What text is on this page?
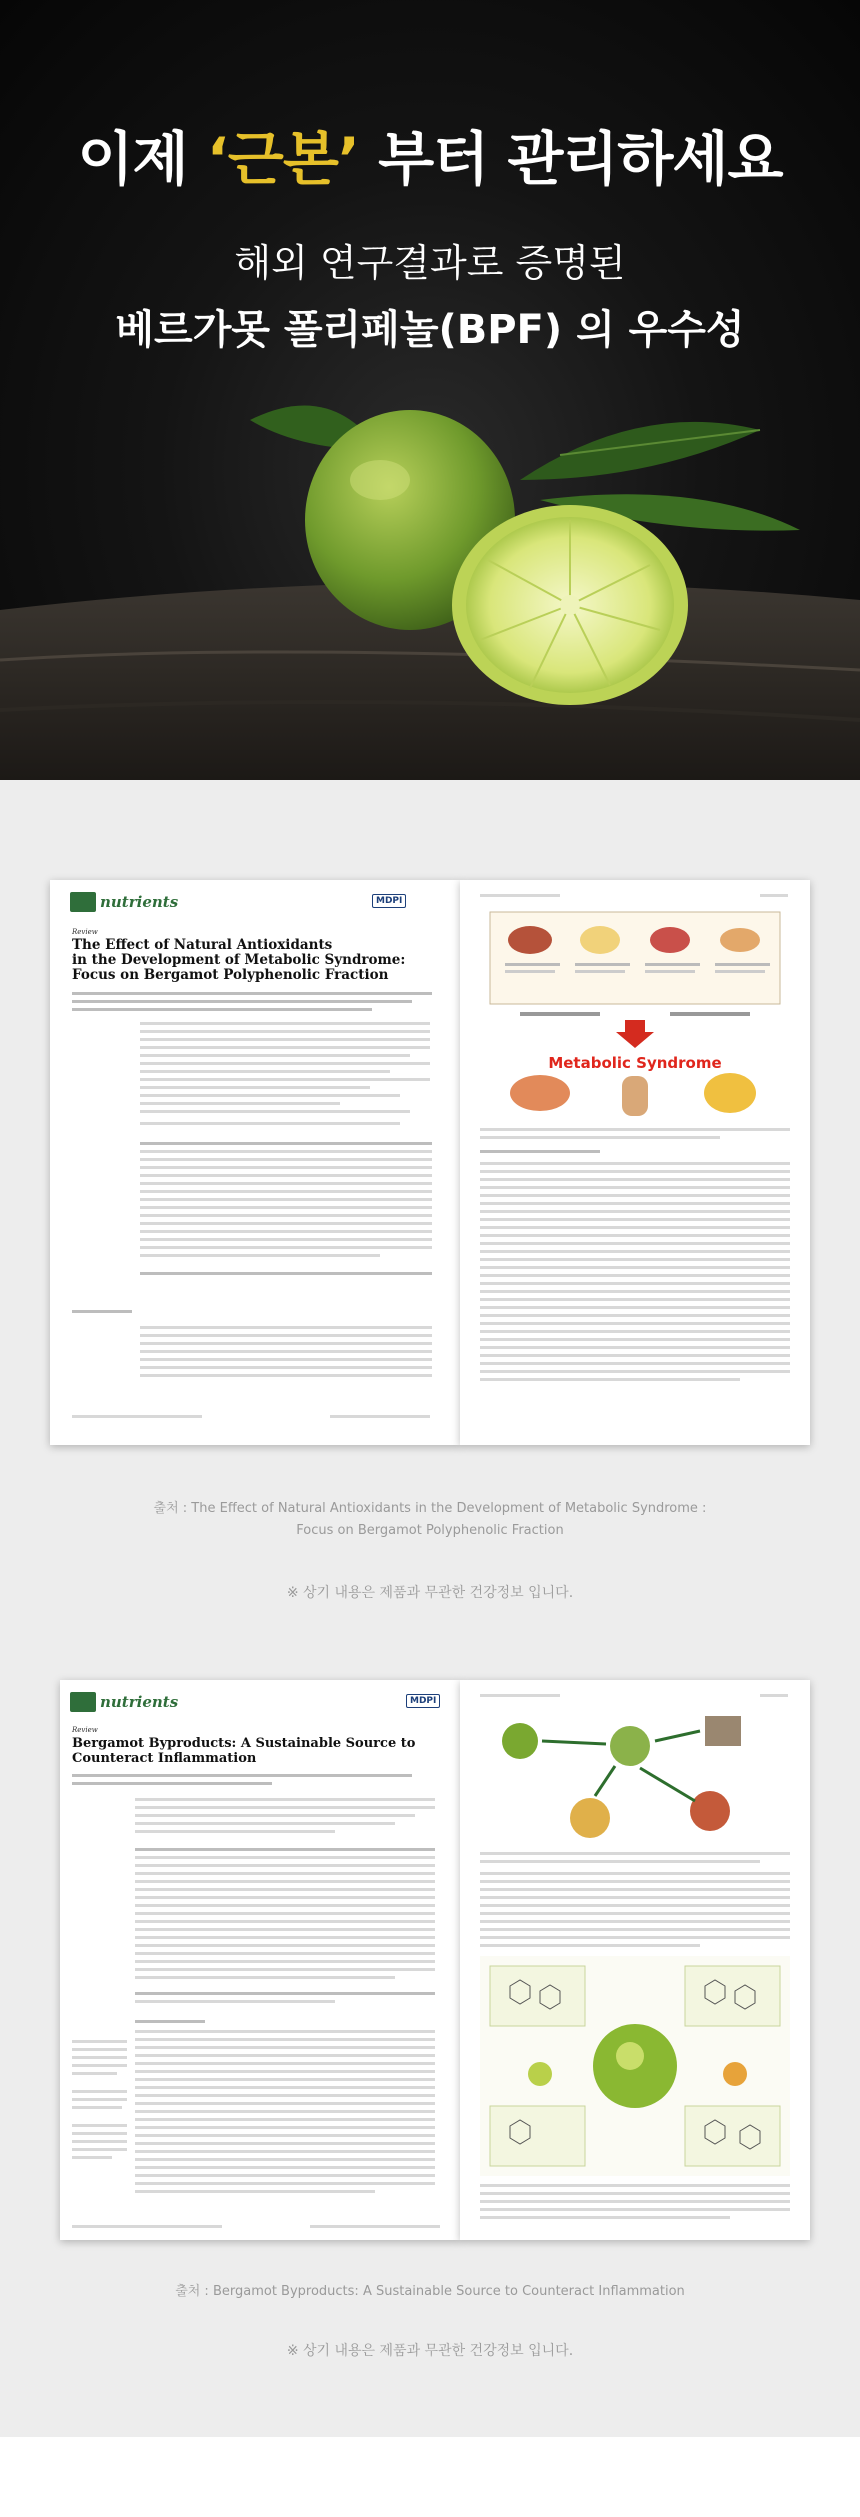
이제 ‘근본’ 부터 관리하세요

해외 연구결과로 증명된

베르가못 폴리페놀(BPF) 의 우수성

nutrients	MDPI

Review

The Effect of Natural Antioxidants

in the Development of Metabolic Syndrome:

Focus on Bergamot Polyphenolic Fraction

Metabolic Syndrome

출처 : The Effect of Natural Antioxidants in the Development of Metabolic Syndrome :

Focus on Bergamot Polyphenolic Fraction

※ 상기 내용은 제품과 무관한 건강정보 입니다.

nutrients	MDPI

Review

Bergamot Byproducts: A Sustainable Source to

Counteract Inflammation

출처 : Bergamot Byproducts: A Sustainable Source to Counteract Inflammation

※ 상기 내용은 제품과 무관한 건강정보 입니다.
